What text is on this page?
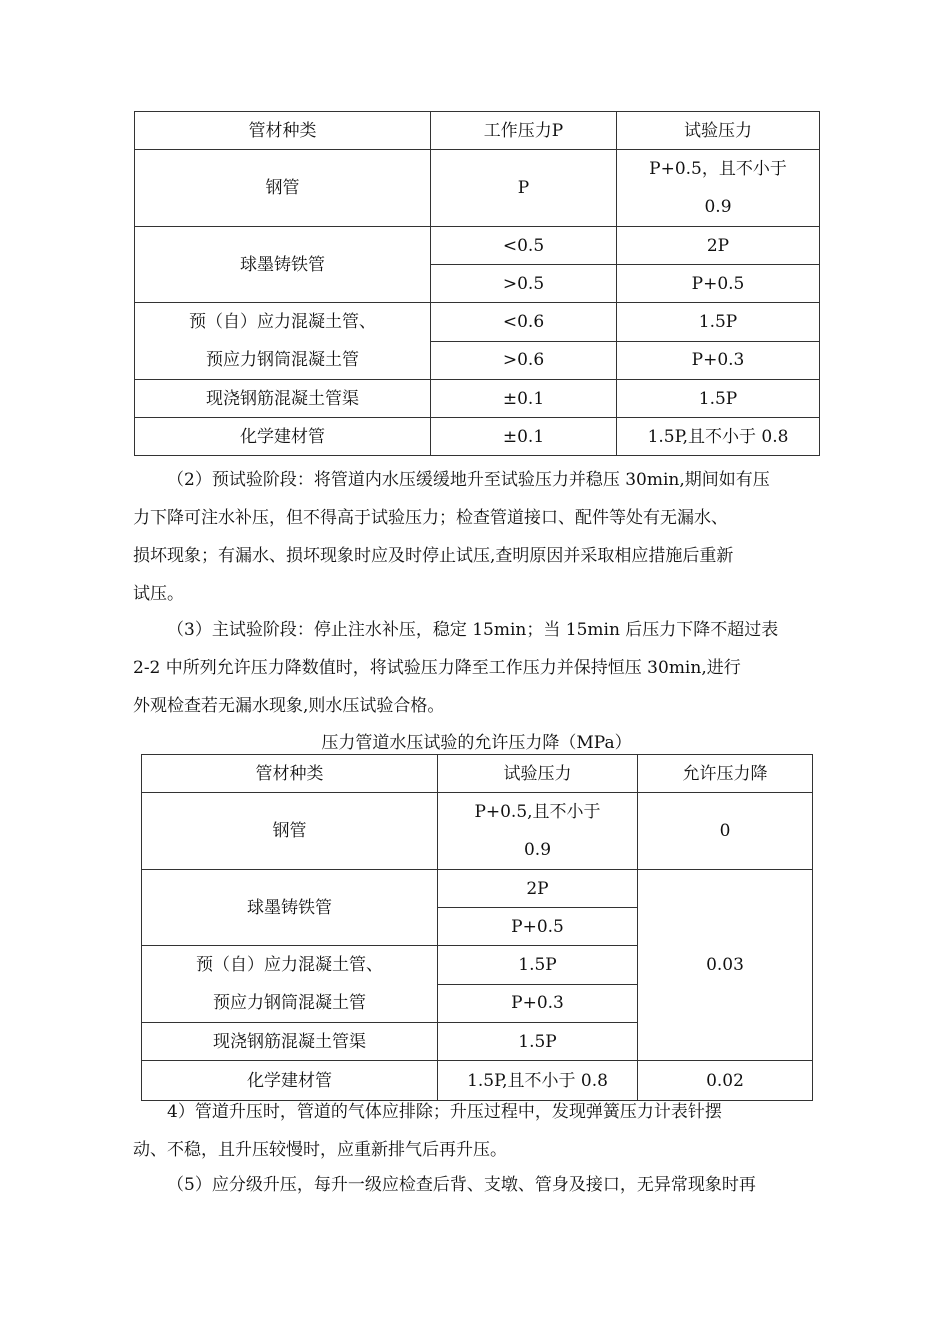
管材种类	工作压力P	试验压力
钢管	P	P+0.5，且不小于
0.9

球墨铸铁管	<0.5	2P
	>0.5	P+0.5

预（自）应力混凝土管、
预应力钢筒混凝土管	<0.6	1.5P
	>0.6	P+0.3
现浇钢筋混凝土管渠	±0.1	1.5P
化学建材管	±0.1	1.5P,且不小于 0.8

（2）预试验阶段：将管道内水压缓缓地升至试验压力并稳压 30min,期间如有压
力下降可注水补压，但不得高于试验压力；检查管道接口、配件等处有无漏水、
损坏现象；有漏水、损坏现象时应及时停止试压,查明原因并采取相应措施后重新
试压。

（3）主试验阶段：停止注水补压，稳定 15min；当 15min 后压力下降不超过表
2-2 中所列允许压力降数值时，将试验压力降至工作压力并保持恒压 30min,进行
外观检查若无漏水现象,则水压试验合格。

压力管道水压试验的允许压力降（MPa）

管材种类	试验压力	允许压力降
钢管	P+0.5,且不小于
0.9	0
球墨铸铁管	2P	0.03
	P+0.5	

预（自）应力混凝土管、
预应力钢筒混凝土管	1.5P	
	P+0.3	
现浇钢筋混凝土管渠	1.5P	
化学建材管	1.5P,且不小于 0.8	0.02

4）管道升压时，管道的气体应排除；升压过程中，发现弹簧压力计表针摆
动、不稳，且升压较慢时，应重新排气后再升压。

（5）应分级升压，每升一级应检查后背、支墩、管身及接口，无异常现象时再
